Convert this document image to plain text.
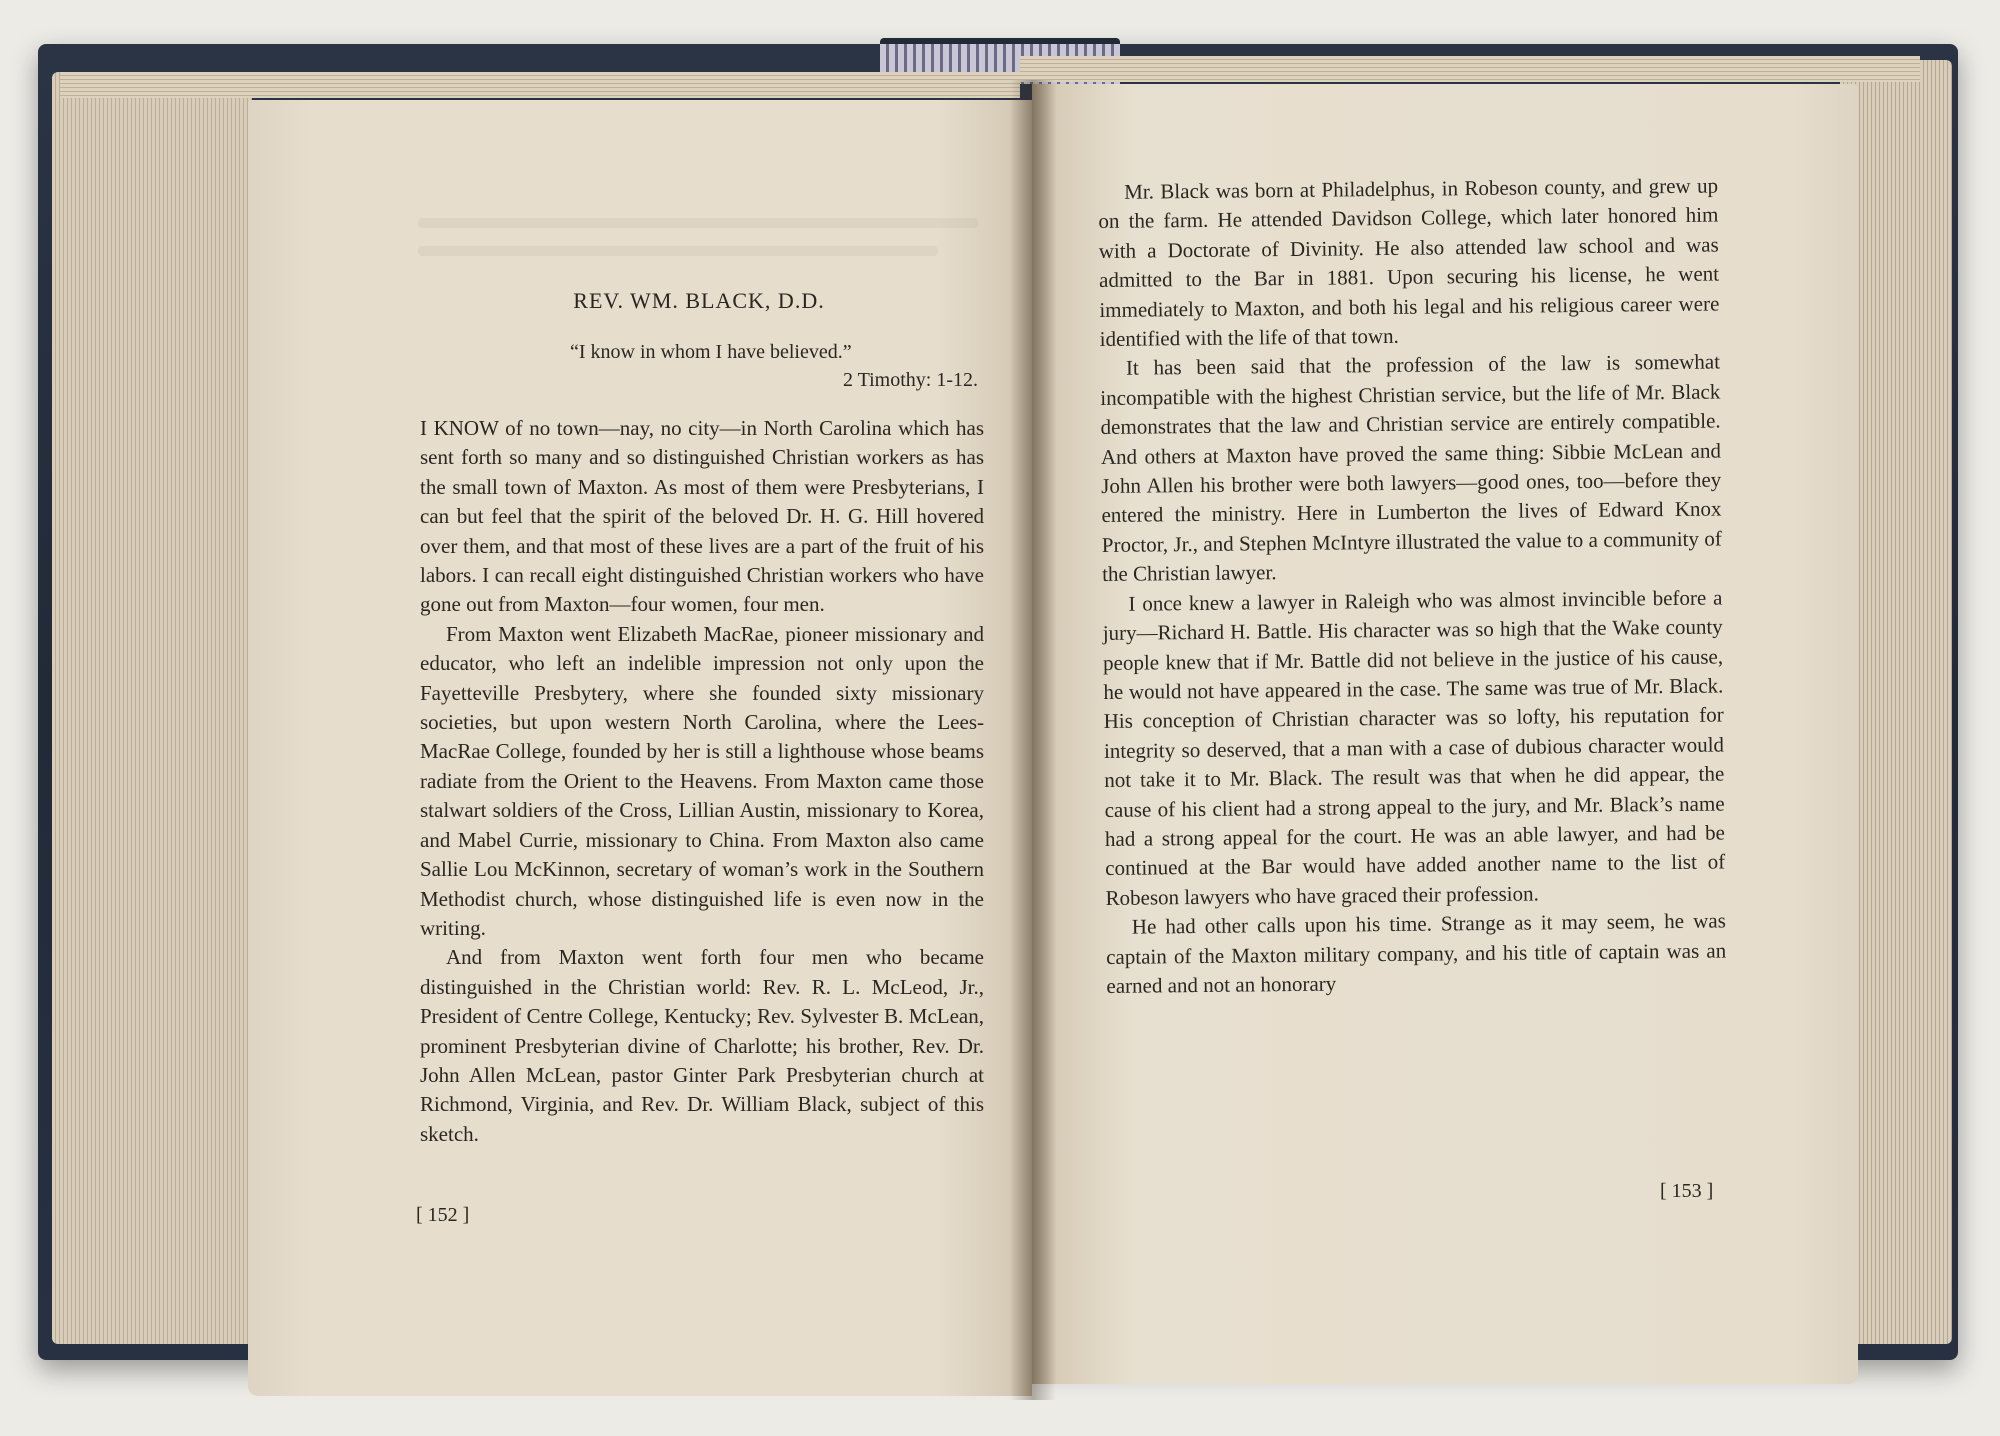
REV. WM. BLACK, D.D.
“I know in whom I have believed.”
2 Timothy: 1-12.

I KNOW of no town—nay, no city—in North Carolina which has sent forth so many and so distinguished Christian workers as has the small town of Maxton. As most of them were Presbyterians, I can but feel that the spirit of the beloved Dr. H. G. Hill hovered over them, and that most of these lives are a part of the fruit of his labors. I can recall eight distinguished Christian workers who have gone out from Maxton—four women, four men.

From Maxton went Elizabeth MacRae, pioneer missionary and educator, who left an indelible impression not only upon the Fayetteville Presbytery, where she founded sixty missionary societies, but upon western North Carolina, where the Lees-MacRae College, founded by her is still a lighthouse whose beams radiate from the Orient to the Heavens. From Maxton came those stalwart soldiers of the Cross, Lillian Austin, missionary to Korea, and Mabel Currie, missionary to China. From Maxton also came Sallie Lou McKinnon, secretary of woman’s work in the Southern Methodist church, whose distinguished life is even now in the writing.

And from Maxton went forth four men who became distinguished in the Christian world: Rev. R. L. McLeod, Jr., President of Centre College, Kentucky; Rev. Sylvester B. McLean, prominent Presbyterian divine of Charlotte; his brother, Rev. Dr. John Allen McLean, pastor Ginter Park Presbyterian church at Richmond, Virginia, and Rev. Dr. William Black, subject of this sketch.

[ 152 ]

Mr. Black was born at Philadelphus, in Robeson county, and grew up on the farm. He attended Davidson College, which later honored him with a Doctorate of Divinity. He also attended law school and was admitted to the Bar in 1881. Upon securing his license, he went immediately to Maxton, and both his legal and his religious career were identified with the life of that town.

It has been said that the profession of the law is somewhat incompatible with the highest Christian service, but the life of Mr. Black demonstrates that the law and Christian service are entirely compatible. And others at Maxton have proved the same thing: Sibbie McLean and John Allen his brother were both lawyers—good ones, too—before they entered the ministry. Here in Lumberton the lives of Edward Knox Proctor, Jr., and Stephen McIntyre illustrated the value to a community of the Christian lawyer.

I once knew a lawyer in Raleigh who was almost invincible before a jury—Richard H. Battle. His character was so high that the Wake county people knew that if Mr. Battle did not believe in the justice of his cause, he would not have appeared in the case. The same was true of Mr. Black. His conception of Christian character was so lofty, his reputation for integrity so deserved, that a man with a case of dubious character would not take it to Mr. Black. The result was that when he did appear, the cause of his client had a strong appeal to the jury, and Mr. Black’s name had a strong appeal for the court. He was an able lawyer, and had be continued at the Bar would have added another name to the list of Robeson lawyers who have graced their profession.

He had other calls upon his time. Strange as it may seem, he was captain of the Maxton military company, and his title of captain was an earned and not an honorary

[ 153 ]
